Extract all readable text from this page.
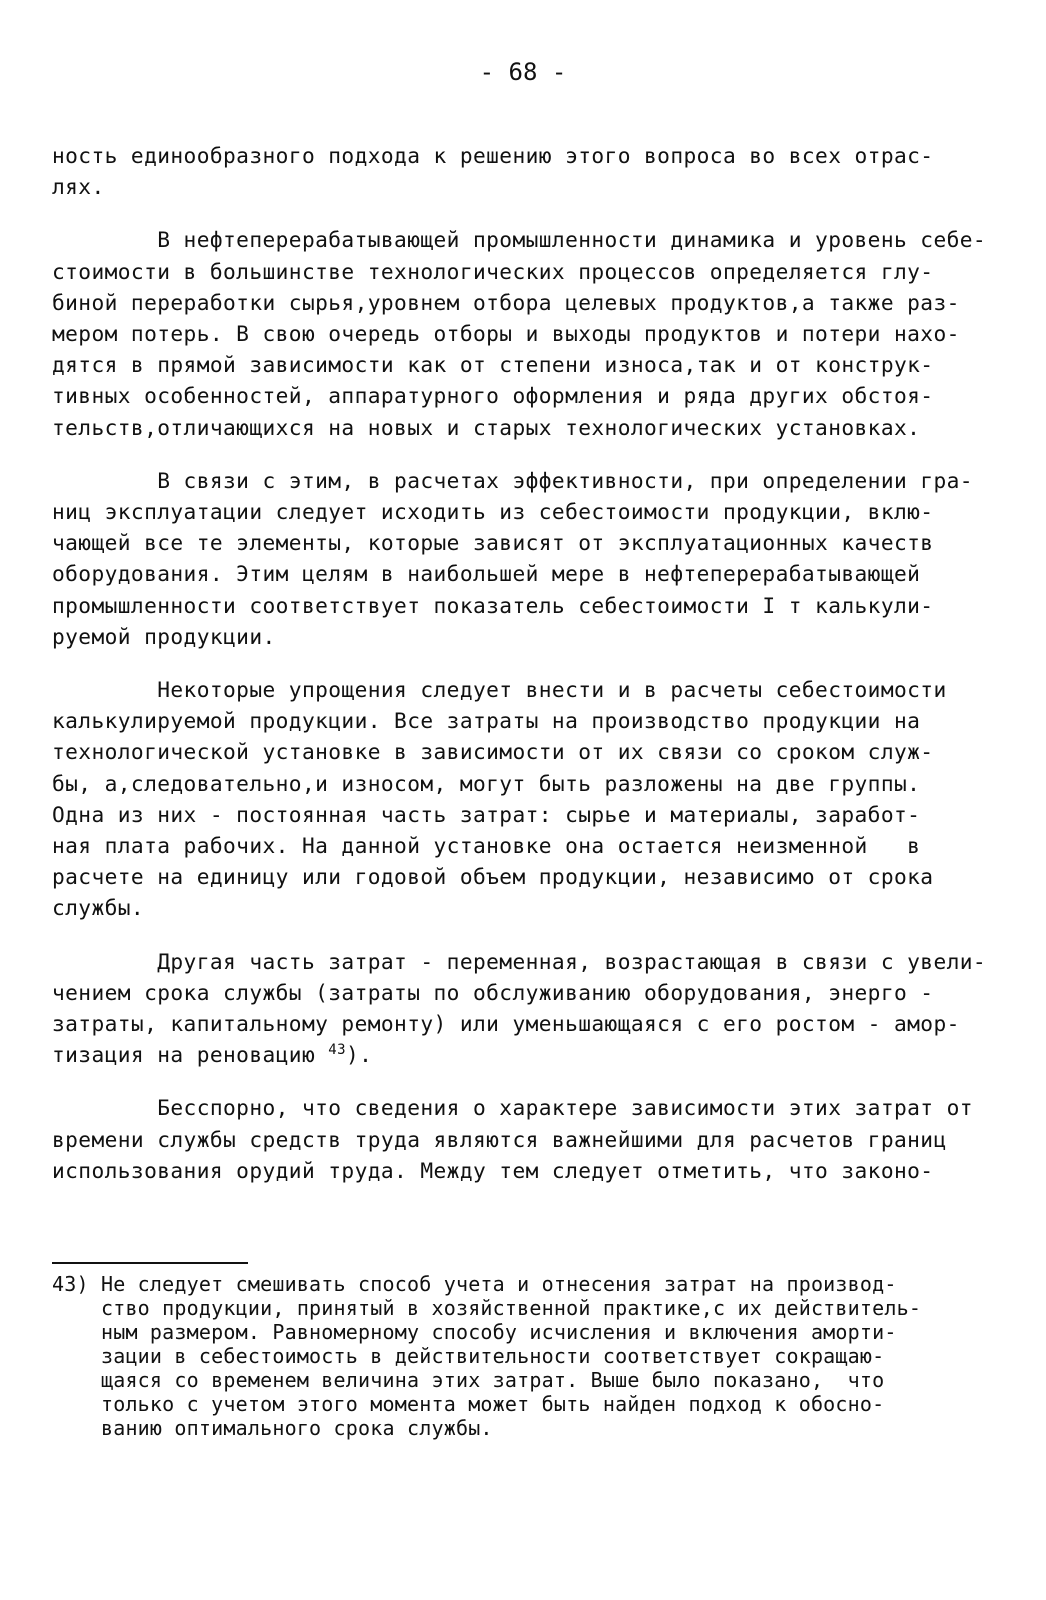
- 68 -
ность единообразного подхода к решению этого вопроса во всех отрас-
лях.
В нефтеперерабатывающей промышленности динамика и уровень себе-
стоимости в большинстве технологических процессов определяется глу-
биной переработки сырья,уровнем отбора целевых продуктов,а также раз-
мером потерь. В свою очередь отборы и выходы продуктов и потери нахо-
дятся в прямой зависимости как от степени износа,так и от конструк-
тивных особенностей, аппаратурного оформления и ряда других обстоя-
тельств,отличающихся на новых и старых технологических установках.
В связи с этим, в расчетах эффективности, при определении гра-
ниц эксплуатации следует исходить из себестоимости продукции, вклю-
чающей все те элементы, которые зависят от эксплуатационных качеств
оборудования. Этим целям в наибольшей мере в нефтеперерабатывающей
промышленности соответствует показатель себестоимости I т калькули-
руемой продукции.
Некоторые упрощения следует внести и в расчеты себестоимости
калькулируемой продукции. Все затраты на производство продукции на
технологической установке в зависимости от их связи со сроком служ-
бы, а,следовательно,и износом, могут быть разложены на две группы.
Одна из них - постоянная часть затрат: сырье и материалы, заработ-
ная плата рабочих. На данной установке она остается неизменной   в
расчете на единицу или годовой объем продукции, независимо от срока
службы.
Другая часть затрат - переменная, возрастающая в связи с увели-
чением срока службы (затраты по обслуживанию оборудования, энерго -
затраты, капитальному ремонту) или уменьшающаяся с его ростом - амор-
тизация на реновацию $^{43}$).
Бесспорно, что сведения о характере зависимости этих затрат от
времени службы средств труда являются важнейшими для расчетов границ
использования орудий труда. Между тем следует отметить, что законо-
43) Не следует смешивать способ учета и отнесения затрат на производ-
ство продукции, принятый в хозяйственной практике,с их действитель-
ным размером. Равномерному способу исчисления и включения аморти-
зации в себестоимость в действительности соответствует сокращаю-
щаяся со временем величина этих затрат. Выше было показано,  что
только с учетом этого момента может быть найден подход к обосно-
ванию оптимального срока службы.
